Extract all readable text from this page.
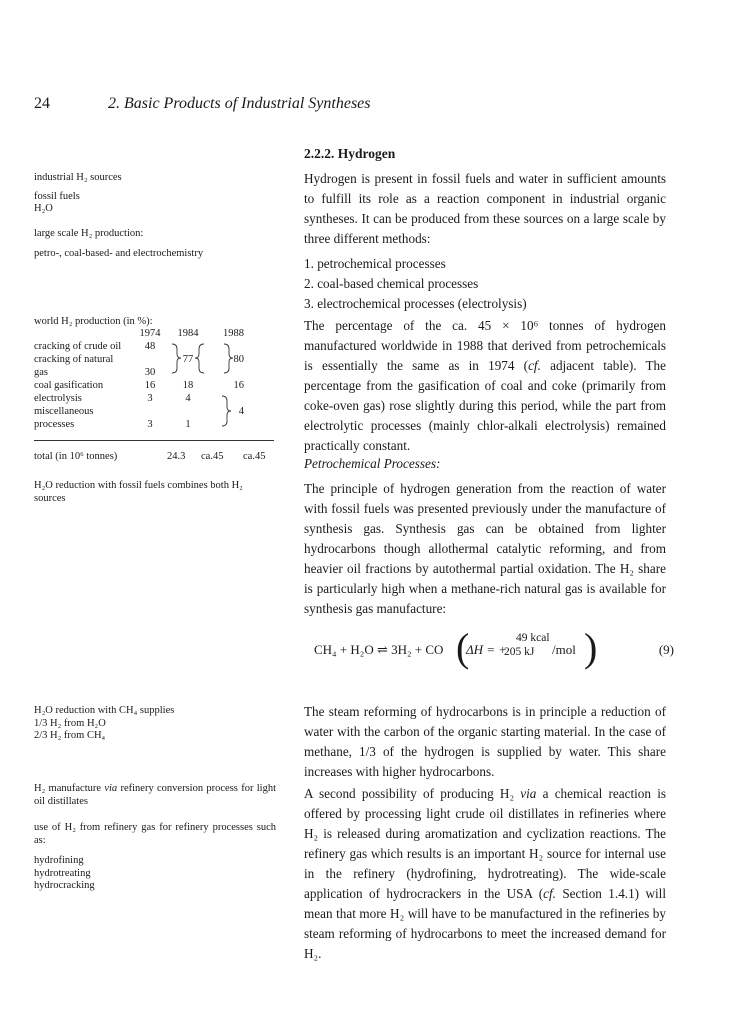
24	2. Basic Products of Industrial Syntheses
2.2.2. Hydrogen
industrial H₂ sources
fossil fuels
H₂O
large scale H₂ production:
petro-, coal-based- and electrochemistry
world H₂ production (in %):
	1974	1984	1988
cracking of crude oil	48		
cracking of natural		77	80
gas	30		
coal gasification	16	18	16
electrolysis	3	4	
miscellaneous			4
processes	3	1	
total (in 10⁶ tonnes)	24.3 ca.45 ca.45
H₂O reduction with fossil fuels combines both H₂ sources
H₂O reduction with CH₄ supplies
1/3 H₂ from H₂O
2/3 H₂ from CH₄
H₂ manufacture via refinery conversion process for light oil distillates
use of H₂ from refinery gas for refinery processes such as:
hydrofining
hydrotreating
hydrocracking

Hydrogen is present in fossil fuels and water in sufficient amounts to fulfill its role as a reaction component in industrial organic syntheses. It can be produced from these sources on a large scale by three different methods:

1. petrochemical processes
2. coal-based chemical processes
3. electrochemical processes (electrolysis)

The percentage of the ca. 45 × 10⁶ tonnes of hydrogen manufactured worldwide in 1988 that derived from petrochemicals is essentially the same as in 1974 (cf. adjacent table). The percentage from the gasification of coal and coke (primarily from coke-oven gas) rose slightly during this period, while the part from electrolytic processes (mainly chlor-alkali electrolysis) remained practically constant.

Petrochemical Processes:

The principle of hydrogen generation from the reaction of water with fossil fuels was presented previously under the manufacture of synthesis gas. Synthesis gas can be obtained from lighter hydrocarbons though allothermal catalytic reforming, and from heavier oil fractions by autothermal partial oxidation. The H₂ share is particularly high when a methane-rich natural gas is available for synthesis gas manufacture:

CH₄ + H₂O ⇌ 3H₂ + CO (
ΔH = +
49 kcal
205 kJ /mol )	(9)

The steam reforming of hydrocarbons is in principle a reduction of water with the carbon of the organic starting material. In the case of methane, 1/3 of the hydrogen is supplied by water. This share increases with higher hydrocarbons.

A second possibility of producing H₂ via a chemical reaction is offered by processing light crude oil distillates in refineries where H₂ is released during aromatization and cyclization reactions. The refinery gas which results is an important H₂ source for internal use in the refinery (hydrofining, hydrotreating). The wide-scale application of hydrocrackers in the USA (cf. Section 1.4.1) will mean that more H₂ will have to be manufactured in the refineries by steam reforming of hydrocarbons to meet the increased demand for H₂.
